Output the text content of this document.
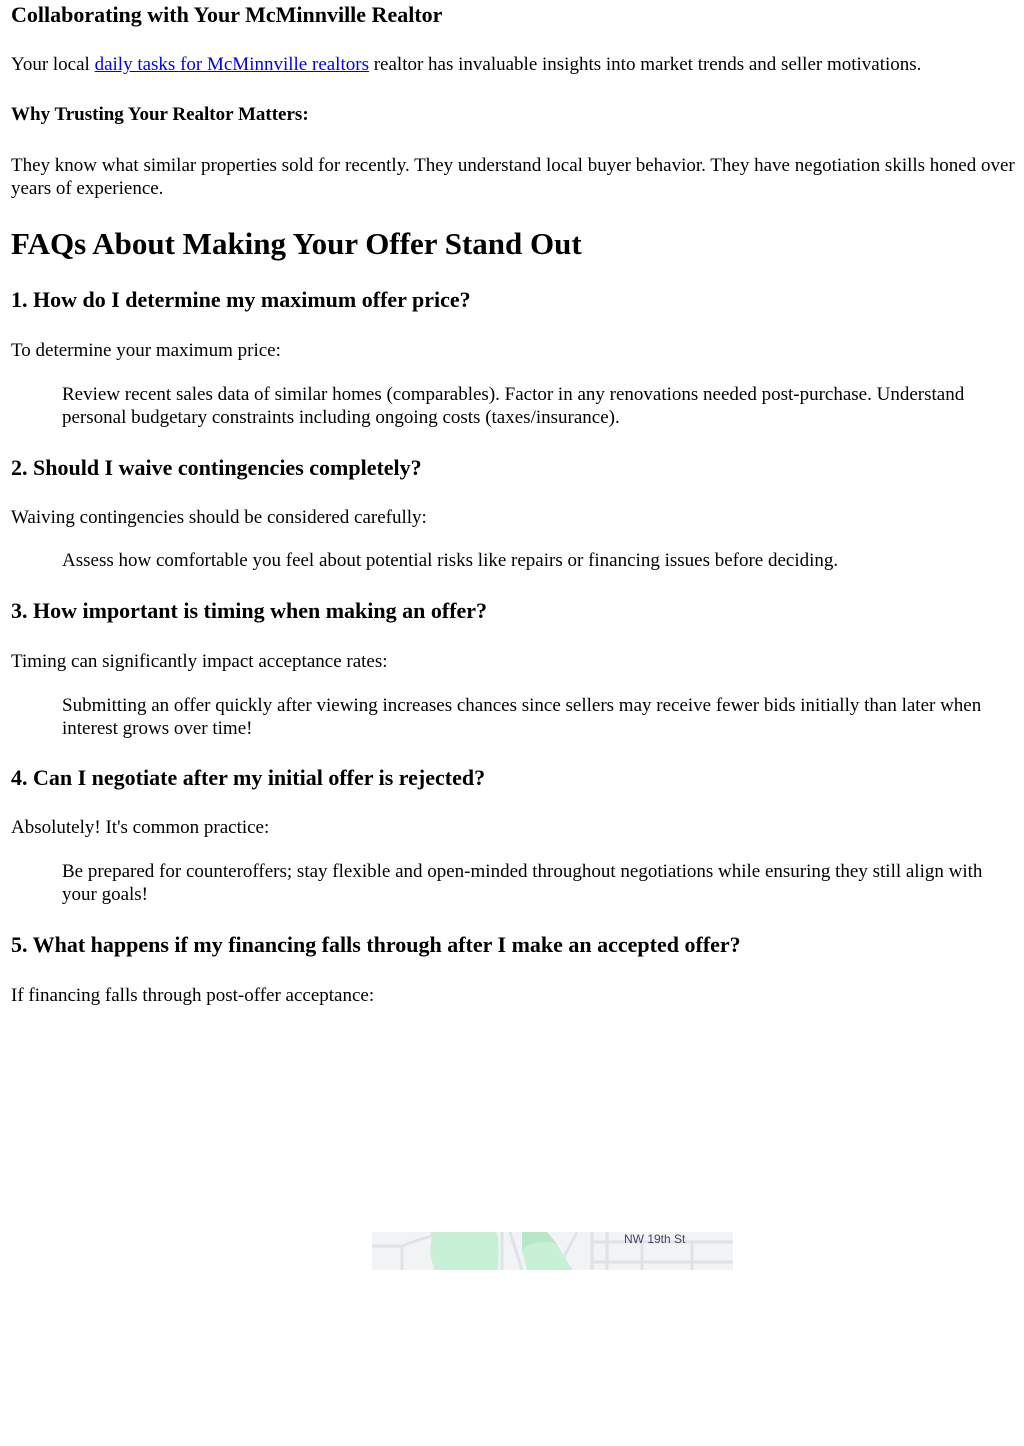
Collaborating with Your McMinnville Realtor

Your local daily tasks for McMinnville realtors realtor has invaluable insights into market trends and seller motivations.

Why Trusting Your Realtor Matters:

They know what similar properties sold for recently. They understand local buyer behavior. They have negotiation skills honed over years of experience.

FAQs About Making Your Offer Stand Out
1. How do I determine my maximum offer price?

To determine your maximum price:

Review recent sales data of similar homes (comparables). Factor in any renovations needed post-purchase. Understand personal budgetary constraints including ongoing costs (taxes/insurance).
2. Should I waive contingencies completely?

Waiving contingencies should be considered carefully:

Assess how comfortable you feel about potential risks like repairs or financing issues before deciding.
3. How important is timing when making an offer?

Timing can significantly impact acceptance rates:

Submitting an offer quickly after viewing increases chances since sellers may receive fewer bids initially than later when interest grows over time!
4. Can I negotiate after my initial offer is rejected?

Absolutely! It's common practice:

Be prepared for counteroffers; stay flexible and open-minded throughout negotiations while ensuring they still align with your goals!
5. What happens if my financing falls through after I make an accepted offer?

If financing falls through post-offer acceptance:

NW 19th St
